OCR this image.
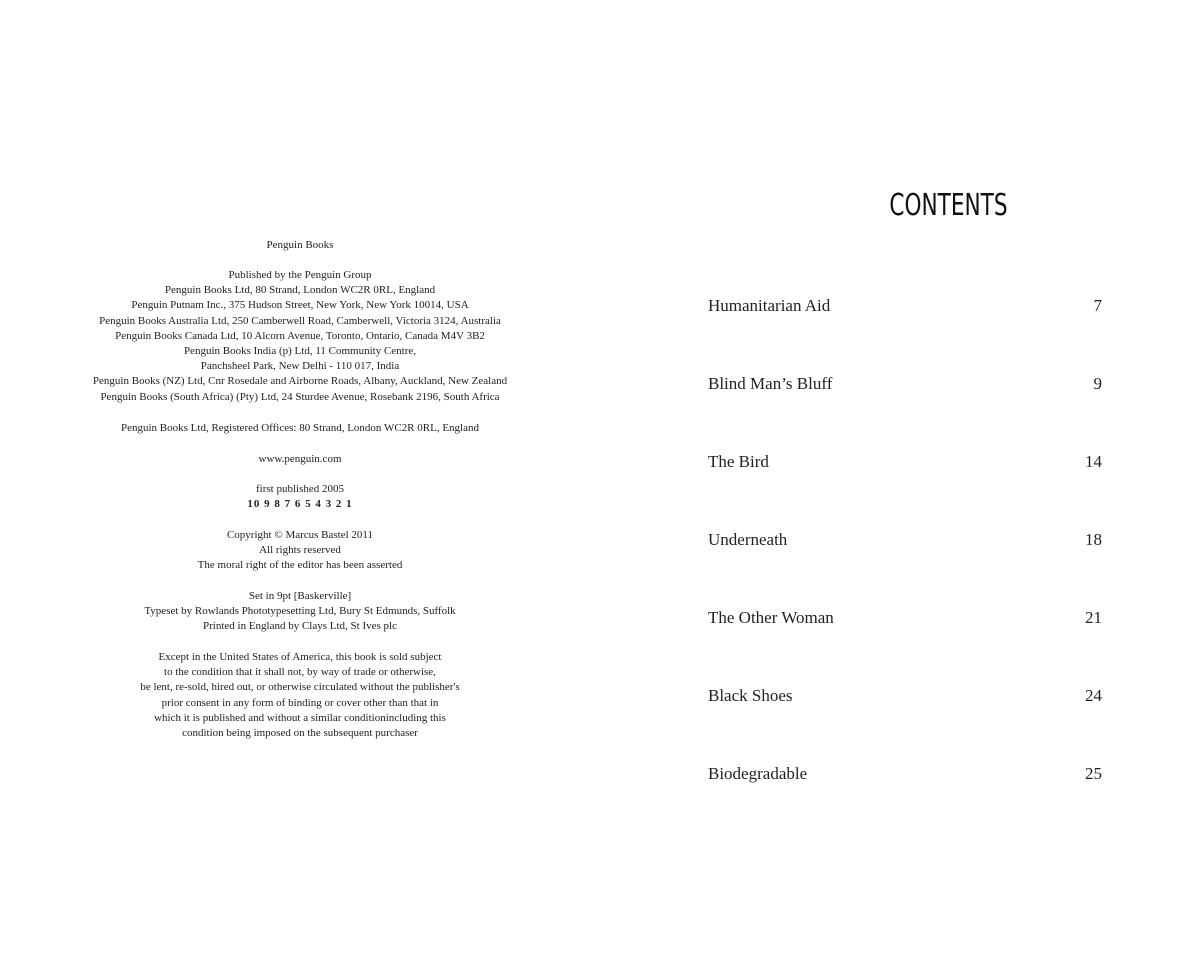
Penguin Books
Published by the Penguin Group
Penguin Books Ltd, 80 Strand, London WC2R 0RL, England
Penguin Putnam Inc., 375 Hudson Street, New York, New York 10014, USA
Penguin Books Australia Ltd, 250 Camberwell Road, Camberwell, Victoria 3124, Australia
Penguin Books Canada Ltd, 10 Alcorn Avenue, Toronto, Ontario, Canada M4V 3B2
Penguin Books India (p) Ltd, 11 Community Centre,
Panchsheel Park, New Delhi - 110 017, India
Penguin Books (NZ) Ltd, Cnr Rosedale and Airborne Roads, Albany, Auckland, New Zealand
Penguin Books (South Africa) (Pty) Ltd, 24 Sturdee Avenue, Rosebank 2196, South Africa
Penguin Books Ltd, Registered Offices: 80 Strand, London WC2R 0RL, England
www.penguin.com
first published 2005
10 9 8 7 6 5 4 3 2 1
Copyright © Marcus Bastel 2011
All rights reserved
The moral right of the editor has been asserted
Set in 9pt [Baskerville]
Typeset by Rowlands Phototypesetting Ltd, Bury St Edmunds, Suffolk
Printed in England by Clays Ltd, St Ives plc
Except in the United States of America, this book is sold subject
to the condition that it shall not, by way of trade or otherwise,
be lent, re-sold, hired out, or otherwise circulated without the publisher's
prior consent in any form of binding or cover other than that in
which it is published and without a similar conditionincluding this
condition being imposed on the subsequent purchaser
CONTENTS
Humanitarian Aid	7
Blind Man’s Bluff	9
The Bird	14
Underneath	18
The Other Woman	21
Black Shoes	24
Biodegradable	25
